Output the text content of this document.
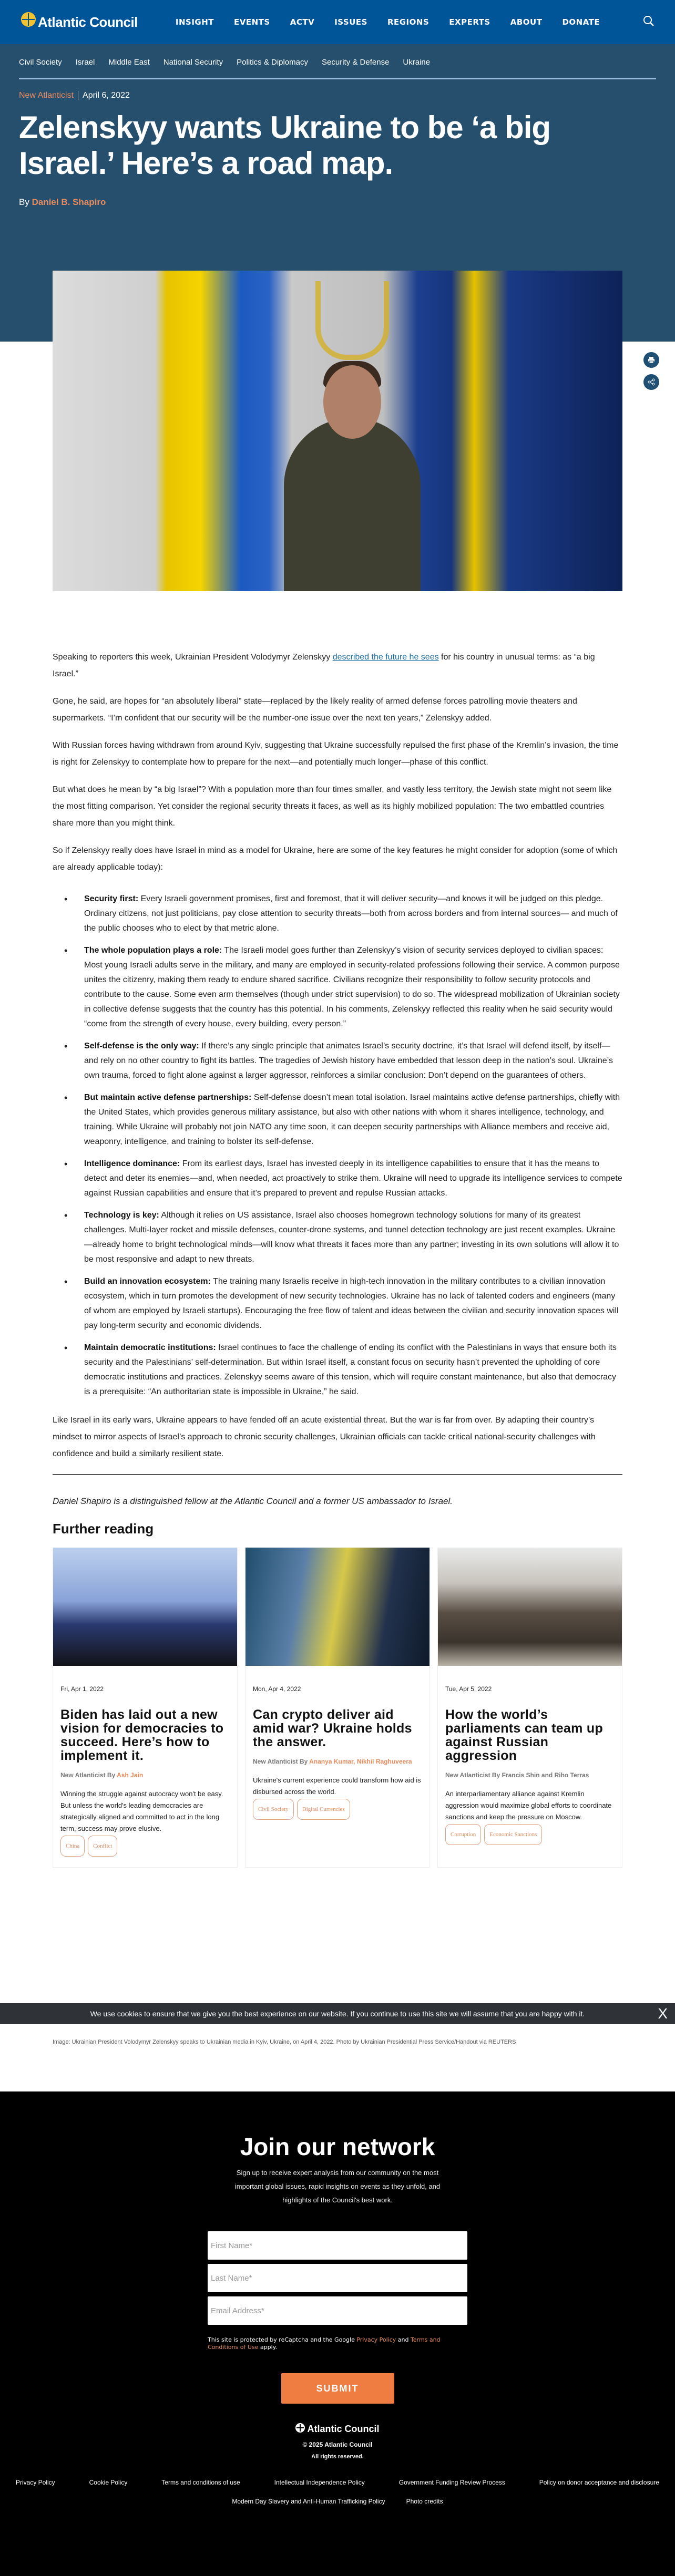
Atlantic Council	INSIGHT	EVENTS	ACTV	ISSUES	REGIONS	EXPERTS	ABOUT	DONATE
Civil Society Israel Middle East National Security Politics & Diplomacy Security & Defense Ukraine
New Atlanticist	April 6, 2022
Zelenskyy wants Ukraine to be ‘a big Israel.’ Here’s a road map.
By Daniel B. Shapiro

Speaking to reporters this week, Ukrainian President Volodymyr Zelenskyy described the future he sees for his country in unusual terms: as “a big Israel.”

Gone, he said, are hopes for “an absolutely liberal” state—replaced by the likely reality of armed defense forces patrolling movie theaters and supermarkets. “I’m confident that our security will be the number-one issue over the next ten years,” Zelenskyy added.

With Russian forces having withdrawn from around Kyiv, suggesting that Ukraine successfully repulsed the first phase of the Kremlin’s invasion, the time is right for Zelenskyy to contemplate how to prepare for the next—and potentially much longer—phase of this conflict.

But what does he mean by “a big Israel”? With a population more than four times smaller, and vastly less territory, the Jewish state might not seem like the most fitting comparison. Yet consider the regional security threats it faces, as well as its highly mobilized population: The two embattled countries share more than you might think.

So if Zelenskyy really does have Israel in mind as a model for Ukraine, here are some of the key features he might consider for adoption (some of which are already applicable today):

• Security first: Every Israeli government promises, first and foremost, that it will deliver security—and knows it will be judged on this pledge. Ordinary citizens, not just politicians, pay close attention to security threats—both from across borders and from internal sources— and much of the public chooses who to elect by that metric alone.
• The whole population plays a role: The Israeli model goes further than Zelenskyy’s vision of security services deployed to civilian spaces: Most young Israeli adults serve in the military, and many are employed in security-related professions following their service. A common purpose unites the citizenry, making them ready to endure shared sacrifice. Civilians recognize their responsibility to follow security protocols and contribute to the cause. Some even arm themselves (though under strict supervision) to do so. The widespread mobilization of Ukrainian society in collective defense suggests that the country has this potential. In his comments, Zelenskyy reflected this reality when he said security would “come from the strength of every house, every building, every person.”
• Self-defense is the only way: If there’s any single principle that animates Israel’s security doctrine, it’s that Israel will defend itself, by itself—and rely on no other country to fight its battles. The tragedies of Jewish history have embedded that lesson deep in the nation’s soul. Ukraine’s own trauma, forced to fight alone against a larger aggressor, reinforces a similar conclusion: Don’t depend on the guarantees of others.
• But maintain active defense partnerships: Self-defense doesn’t mean total isolation. Israel maintains active defense partnerships, chiefly with the United States, which provides generous military assistance, but also with other nations with whom it shares intelligence, technology, and training. While Ukraine will probably not join NATO any time soon, it can deepen security partnerships with Alliance members and receive aid, weaponry, intelligence, and training to bolster its self-defense.
• Intelligence dominance: From its earliest days, Israel has invested deeply in its intelligence capabilities to ensure that it has the means to detect and deter its enemies—and, when needed, act proactively to strike them. Ukraine will need to upgrade its intelligence services to compete against Russian capabilities and ensure that it’s prepared to prevent and repulse Russian attacks.
• Technology is key: Although it relies on US assistance, Israel also chooses homegrown technology solutions for many of its greatest challenges. Multi-layer rocket and missile defenses, counter-drone systems, and tunnel detection technology are just recent examples. Ukraine—already home to bright technological minds—will know what threats it faces more than any partner; investing in its own solutions will allow it to be most responsive and adapt to new threats.
• Build an innovation ecosystem: The training many Israelis receive in high-tech innovation in the military contributes to a civilian innovation ecosystem, which in turn promotes the development of new security technologies. Ukraine has no lack of talented coders and engineers (many of whom are employed by Israeli startups). Encouraging the free flow of talent and ideas between the civilian and security innovation spaces will pay long-term security and economic dividends.
• Maintain democratic institutions: Israel continues to face the challenge of ending its conflict with the Palestinians in ways that ensure both its security and the Palestinians’ self-determination. But within Israel itself, a constant focus on security hasn’t prevented the upholding of core democratic institutions and practices. Zelenskyy seems aware of this tension, which will require constant maintenance, but also that democracy is a prerequisite: “An authoritarian state is impossible in Ukraine,” he said.

Like Israel in its early wars, Ukraine appears to have fended off an acute existential threat. But the war is far from over. By adapting their country’s mindset to mirror aspects of Israel’s approach to chronic security challenges, Ukrainian officials can tackle critical national-security challenges with confidence and build a similarly resilient state.

Daniel Shapiro is a distinguished fellow at the Atlantic Council and a former US ambassador to Israel.

Further reading
Fri, Apr 1, 2022
Biden has laid out a new vision for democracies to succeed. Here’s how to implement it.
New Atlanticist By Ash Jain
Winning the struggle against autocracy won't be easy. But unless the world's leading democracies are strategically aligned and committed to act in the long term, success may prove elusive.
China	Conflict
Mon, Apr 4, 2022
Can crypto deliver aid amid war? Ukraine holds the answer.
New Atlanticist By Ananya Kumar, Nikhil Raghuveera
Ukraine's current experience could transform how aid is disbursed across the world.
Civil Society	Digital Currencies
Tue, Apr 5, 2022
How the world’s parliaments can team up against Russian aggression
New Atlanticist By Francis Shin and Riho Terras
An interparliamentary alliance against Kremlin aggression would maximize global efforts to coordinate sanctions and keep the pressure on Moscow.
Corruption	Economic Sanctions
We use cookies to ensure that we give you the best experience on our website. If you continue to use this site we will assume that you are happy with it.	X
Image: Ukrainian President Volodymyr Zelenskyy speaks to Ukrainian media in Kyiv, Ukraine, on April 4, 2022. Photo by Ukrainian Presidential Press Service/Handout via REUTERS
Join our network

Sign up to receive expert analysis from our community on the most important global issues, rapid insights on events as they unfold, and highlights of the Council's best work.

First Name*
Last Name*
Email Address*

This site is protected by reCaptcha and the Google Privacy Policy and Terms and Conditions of Use apply.

SUBMIT
Atlantic Council
© 2025 Atlantic Council
All rights reserved.
Privacy Policy	Cookie Policy	Terms and conditions of use	Intellectual Independence Policy	Government Funding Review Process	Policy on donor acceptance and disclosure
Modern Day Slavery and Anti-Human Trafficking Policy	Photo credits
